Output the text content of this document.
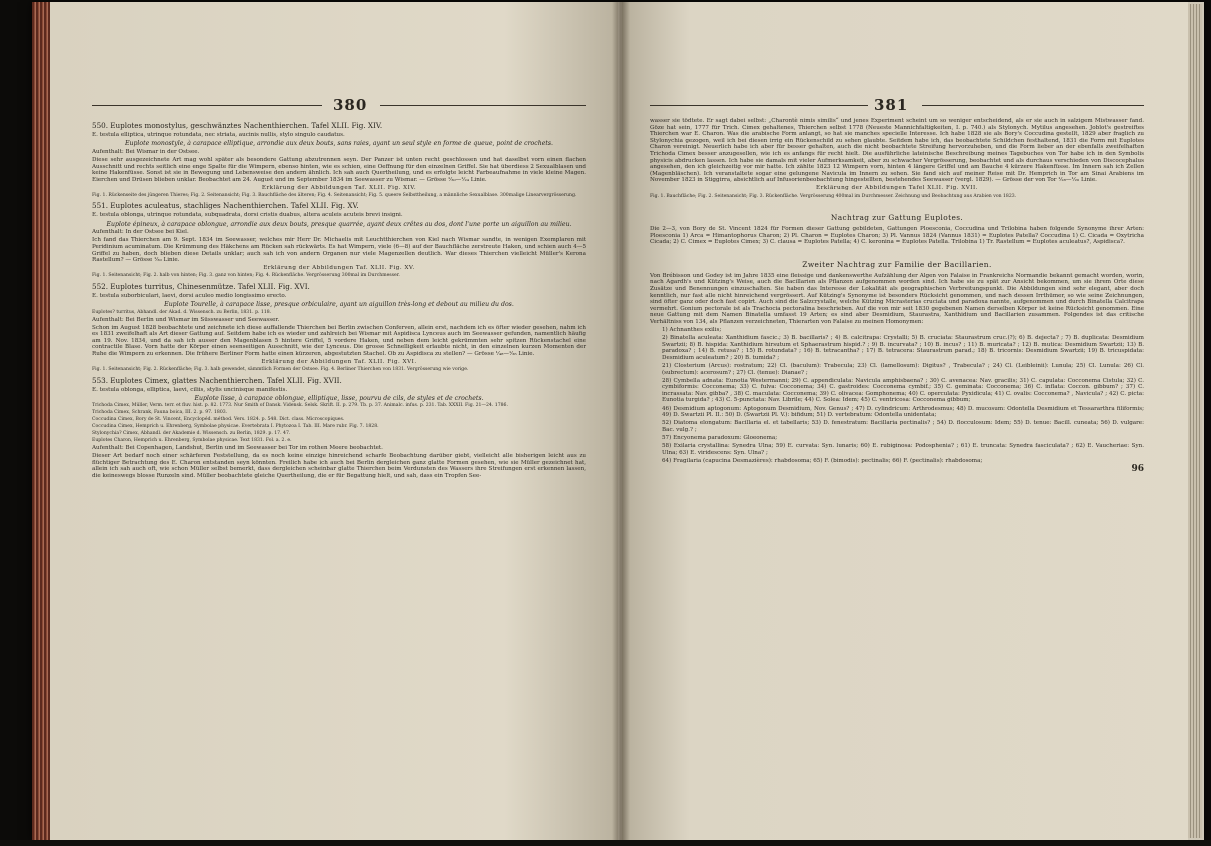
380

550. Euplotes monostylus, geschwänztes Nachenthierchen. Tafel XLII. Fig. XIV.

E. testula elliptica, utrinque rotundata, nec striata, aucinis nullis, stylo singulo caudatus.

Euplote monostyle, à carapace elliptique, arrondie aux deux bouts, sans raies, ayant un seul style en forme de queue, point de crochets.

Aufenthalt: Bei Wismar in der Ostsee.

Diese sehr ausgezeichnete Art mag wohl später als besondere Gattung abzutrennen seyn. Der Panzer ist unten recht geschlossen und hat daselbst vorn einen flachen Ausschnitt und rechts seitlich eine enge Spalte für die Wimpern, ebenso hinten, wie es schien, eine Oeffnung für den einzelnen Griffel. Sie hat überdiess 2 Sexualblasen und keine Hakenfüsse. Sonst ist sie in Bewegung und Lebensweise den andern ähnlich. Ich sah auch Quertheilung, und es erfolgte leicht Farbeaufnahme in viele kleine Magen. Eierchen und Drüsen blieben unklar. Beobachtet am 24. August und im September 1834 im Seewasser zu Wismar. — Grösse ¹⁄₃₀—¹⁄₂₄ Linie.

Erklärung der Abbildungen Taf. XLII. Fig. XIV.

Fig. 1. Rückenseite des jüngeren Thieres; Fig. 2. Seitenansicht; Fig. 3. Bauchfläche des älteren; Fig. 4. Seitenansicht; Fig. 5. queere Selbsttheilung, a männliche Sexualblase. 300malige Linearvergrösserung.

551. Euplotes aculeatus, stachliges Nachenthierchen. Tafel XLII. Fig. XV.

E. testula oblonga, utrinque rotundata, subquadrata, dorsi cristis duabus, altera aculeis acuteis brevi insigni.

Euplote épineux, à carapace oblongue, arrondie aux deux bouts, presque quarrée, ayant deux crêtes au dos, dont l'une porte un aiguillon au milieu.

Aufenthalt: In der Ostsee bei Kiel.

Ich fand das Thierchen am 9. Sept. 1834 im Seewasser, welches mir Herr Dr. Michaelis mit Leuchtthierchen von Kiel nach Wismar sandte, in wenigen Exemplaren mit Peridinium acuminatum. Die Krümmung des Häkchens am Rücken sah rückwärts. Es hat Wimpern, viele (6—8) auf der Bauchfläche zerstreute Haken, und schien auch 4—5 Griffel zu haben, doch blieben diese Details unklar; auch sah ich von andern Organen nur viele Magenzellen deutlich. War dieses Thierchen vielleicht Müller's Kerona Rastellum? — Grösse ¹⁄₃₀ Linie.

Erklärung der Abbildungen Taf. XLII. Fig. XV.

Fig. 1. Seitenansicht; Fig. 2. halb von hinten; Fig. 3. ganz von hinten; Fig. 4. Rückenfläche. Vergrösserung 300mal im Durchmesser.

552. Euplotes turritus, Chinesenmütze. Tafel XLII. Fig. XVI.

E. testula suborbiculari, laevi, dorsi aculeo medio longissimo erecto.

Euplote Tourelle, à carapace lisse, presque orbiculaire, ayant un aiguillon très-long et debout au milieu du dos.

Euplotes? turritus, Abhandl. der Akad. d. Wissensch. zu Berlin, 1831. p. 118.

Aufenthalt: Bei Berlin und Wismar im Süsswasser und Seewasser.

Schon im August 1828 beobachtete und zeichnete ich diese auffallende Thierchen bei Berlin zwischen Conferven, allein erst, nachdem ich es öfter wieder gesehen, nahm ich es 1831 zweifelhaft als Art dieser Gattung auf. Seitdem habe ich es wieder und zahlreich bei Wismar mit Aspidisca Lynceus auch im Seewasser gefunden, namentlich häufig am 19. Nov. 1834, und da sah ich ausser den Magenblasen 5 hintere Griffel, 5 vordere Haken, und neben dem leicht gekrümmten sehr spitzen Rückenstachel eine contractile Blase. Vorn hatte der Körper einen seenseitigen Ausschnitt, wie der Lynceus. Die grosse Schnelligkeit erlaubte nicht, in den einzelnen kurzen Momenten der Ruhe die Wimpern zu erkennen. Die frühere Berliner Form hatte einen kürzeren, abgestutzten Stachel. Ob zu Aspidisca zu stellen? — Grösse ¹⁄₄₈—¹⁄₃₆ Linie.

Erklärung der Abbildungen Taf. XLII. Fig. XVI.

Fig. 1. Seitenansicht; Fig. 2. Rückenfläche; Fig. 3. halb gewendet, sämmtlich Formen der Ostsee. Fig. 4. Berliner Thierchen von 1831. Vergrösserung wie vorige.

553. Euplotes Cimex, glattes Nachenthierchen. Tafel XLII. Fig. XVII.

E. testula oblonga, elliptica, laevi, ciliis, stylis uncinisque manifestis.

Euplote lisse, à carapace oblongue, elliptique, lisse, pourvu de cils, de styles et de crochets.

Trichoda Cimex, Müller, Verm. terr. et fluv. hist. p. 82. 1773. Nur Smith of Dansk. Vidensk. Selsk. Skrift. II. p. 279. Tb. p. 37. Animalc. infus. p. 231. Tab. XXXII. Fig. 21—24. 1786.

Trichoda Cimex, Schrank, Fauna boica, III. 2. p. 97. 1803.

Coccudina Cimex, Bory de St. Vincent, Encyclopéd. méthod. Vers. 1824. p. 548. Dict. class. Microscopiques.

Coccudina Cimex, Hemprich u. Ehrenberg, Symbolae physicae. Evertebrata I. Phytozoa I. Tab. III. Mare rubr. Fig. 7. 1828.

Stylonychia? Cimex, Abhandl. der Akademie d. Wissensch. zu Berlin, 1829. p. 17. 47.

Euplotes Charon, Hemprich u. Ehrenberg, Symbolae physicae. Text 1831. Fol. a. 2. e.

Aufenthalt: Bei Copenhagen, Landshut, Berlin und im Seewasser bei Tor im rothen Meere beobachtet.

Dieser Art bedarf noch einer schärferen Feststellung, da es noch keine einzige hinreichend scharfe Beobachtung darüber giebt, vielleicht alle bisherigen leicht aus zu flüchtiger Betrachtung des E. Charon entstanden seyn könnten. Freilich habe ich auch bei Berlin dergleichen ganz glatte Formen gesehen, wie sie Müller gezeichnet hat, allein ich sah auch oft, wie schon Müller selbst bemerkt, dass dergleichen scheinbar glatte Thierchen beim Verdunsten des Wassers ihre Streifungen erst erkennen lassen, die keineswegs blosse Runzeln sind. Müller beobachtete gleiche Quertheilung, die er für Begattung hielt, und sah, dass ein Tropfen See-

381

wasser sie tödtete. Er sagt dabei selbst: „Charontè nimis similis“ und jenes Experiment scheint um so weniger entscheidend, als er sie auch in salzigem Mistwasser fand. Göze hat sein, 1777 für Trich. Cimex gehaltenes, Thierchen selbst 1778 (Neueste Mannichfaltigkeiten, I. p. 740.) als Stylonych. Mytilus angesehen. Joblot's gestreiftes Thierchen war E. Charon. Was die arabische Form anlangt, so hat sie manches specielle Interesse. Ich habe 1828 sie als Bory's Coccudina gestellt, 1829 aber fraglich zu Stylonychia gezogen, weil ich bei diesen irrig ein Rückenschild zu sehen glaubte. Seitdem habe ich, das beobachtete Schildchen festhaltend, 1831 die Form mit Euplotes Charon vereinigt. Neuerlich habe ich aber für besser gehalten, auch die nicht beobachtete Streifung hervorzuheben, und die Form lieber an der ebenfalls zweifelhaften Trichoda Cimex besser anzugesellen, wie ich es anfangs für recht hielt. Die ausführliche lateinische Beschreibung meines Tagebuches von Tor habe ich in den Symbolis physicis abdrucken lassen. Ich habe sie damals mit vieler Aufmerksamkeit, aber zu schwacher Vergrösserung, beobachtet und als durchaus verschieden von Discocephalus angesehen, den ich gleichzeitig vor mir hatte. Ich zählte 1823 12 Wimpern vorn, hinten 4 längere Griffel und am Bauche 4 kürzere Hakenfüsse. Im Innern sah ich Zellen (Magenbläschen). Ich veranstaltete sogar eine gelungene Navicula im Innern zu sehen. Sie fand sich auf meiner Reise mit Dr. Hemprich in Tor am Sinai Arabiens im November 1823 in Stiggirra, absichtlich auf Infusorienbeobachtung hingestellten, bestehendes Seewasser (vergl. 1829). — Grösse der von Tor ¹⁄₂₈—¹⁄₂₀ Linie.

Erklärung der Abbildungen Tafel XLII. Fig. XVII.

Fig. 1. Bauchfläche; Fig. 2. Seitenansicht; Fig. 3. Rückenfläche. Vergrösserung 400mal im Durchmesser. Zeichnung und Beobachtung aus Arabien von 1823.

Nachtrag zur Gattung Euplotes.

Die 2—3, von Bory de St. Vincent 1824 für Formen dieser Gattung gebildeten, Gattungen Ploesconia, Coccudina und Trilobina haben folgende Synonyme ihrer Arten: Ploesconia 1) Arca = Himantophorus Charon; 2) Pl. Charon = Euplotes Charon; 3) Pl. Vannus 1824 (Vannus 1831) = Euplotes Patella? Coccudina 1) C. Cicada = Oxytricha Cicada; 2) C. Cimex = Euplotes Cimex; 3) C. clausa = Euplotes Patella; 4) C. keronina = Euplotes Patella. Trilobina 1) Tr. Rastellum = Euplotes aculeatus?, Aspidisca?.

Zweiter Nachtrag zur Familie der Bacillarien.

Von Brébisson und Godey ist im Jahre 1835 eine fleissige und dankenswerthe Aufzählung der Algen von Falaise in Frankreichs Normandie bekannt gemacht worden, worin, nach Agardh's und Kützing's Weise, auch die Bacillarien als Pflanzen aufgenommen worden sind. Ich habe sie zu spät zur Ansicht bekommen, um sie ihrem Orte diese Zusätze und Benennungen einzuschalten. Sie haben das Interesse der Lokalität als geographischen Verbreitungspunkt. Die Abbildungen sind sehr elegant, aber doch kenntlich, nur fast alle nicht hinreichend vergrössert. Auf Kützing's Synonyme ist besonders Rücksicht genommen, und nach dessen Irrthümer, so wie seine Zeichnungen, sind öfter ganz oder doch fast copirt. Auch sind die Salzcrystalle, welche Kützing Micrasterias cruciata und paradoxa nannte, aufgenommen und durch Binatella Calcitrapa vermehrt. Gonium pectorale ist als Trachocia pectoralina beschrieben. Auf die von mir seit 1830 gegebenen Namen derselben Körper ist keine Rücksicht genommen. Eine neue Gattung mit dem Namen Binatella umfasst 19 Arten; es sind aber Desmidium, Staurastra, Xanthidium und Bacillarien zusammen. Folgendes ist das critische Verhältniss von 134, als Pflanzen verzeichneten, Thierarten von Falaise zu meinen Homonymen:

1) Achnanthes exilis;

2) Binatella aculeata: Xanthidium fascic.; 3) B. bacillaris? ; 4) B. calcitrapa: Crystalli; 5) B. cruciata: Staurastrum cruc.(?); 6) B. dejecta? ; 7) B. duplicata: Desmidium Swartzii; 8) B. hispida: Xanthidium hirsutum et Sphaerastrum hispid.? ; 9) B. incurvata? ; 10) B. incus? ; 11) B. muricata? ; 12) B. mutica: Desmidium Swartzii; 13) B. paradoxa? ; 14) B. retusa? ; 15) B. rotundata? ; 16) B. tetracantha? ; 17) B. tetracera: Staurastrum parad.; 18) B. tricornis: Desmidium Swartzii; 19) B. tricuspidata: Desmidium aculeatum? ; 20) B. tumida? ;

21) Closterium (Arcus): rostratum; 22) Cl. (baculum): Trabecula; 23) Cl. (lamellosum): Digitus? , Trabecula? ; 24) Cl. (Leibleinii): Lunula; 25) Cl. Lunula: 26) Cl. (subrectum): acerosum? ; 27) Cl. (tenue): Dianae? ;

28) Cymbella adnata: Eunotia Westermanni; 29) C. appendiculata: Navicula amphisbaena? ; 30) C. avenacea: Nav. gracilis; 31) C. capulata: Cocconema Cistula; 32) C. cymbiformis: Cocconema; 33) C. fulva: Cocconema; 34) C. gastroides: Cocconema cymbif.; 35) C. geminata: Cocconema; 36) C. inflata: Coccon. gibbum? ; 37) C. incrassata: Nav. gibba? , 38) C. maculata: Cocconema; 39) C. olivacea: Gomphonema; 40) C. operculata: Pyxidicula; 41) C. ovalis: Cocconema? , Navicula? ; 42) C. picta: Eunotia turgida? ; 43) C. 5-punctata: Nav. Librile; 44) C. Solea: Idem; 45) C. ventricosa: Cocconema gibbum;

46) Desmidium aptogonum: Aptogonum Desmidium, Nov. Genus? ; 47) D. cylindricum: Arthrodesmus; 48) D. mucosum: Odontella Desmidium et Tessararthra filiformis; 49) D. Swartzii Pl. II.: 50) D. (Swartzii Pl. V.): bifidum; 51) D. vertebratum: Odontella unidentata;

52) Diatoma elongatum: Bacillaria el. et tabellaris; 53) D. fenestratum: Bacillaria pectinalis? ; 54) D. flocculosum: Idem; 55) D. tenue: Bacill. cuneata; 56) D. vulgare: Bac. vulg.? ;

57) Encyonema paradoxum: Gloeonema;

58) Exilaria crystallina: Synedra Ulna; 59) E. curvata: Syn. lunaris; 60) E. rubiginosa: Podosphenia? ; 61) E. truncata: Synedra fasciculata? ; 62) E. Vaucheriae: Syn. Ulna; 63) E. viridescens: Syn. Ulna? ;

64) Fragilaria (capucina Desmazières): rhabdosoma; 65) F. (bimodis): pectinalis; 66) F. (pectinalis): rhabdosoma;

96
